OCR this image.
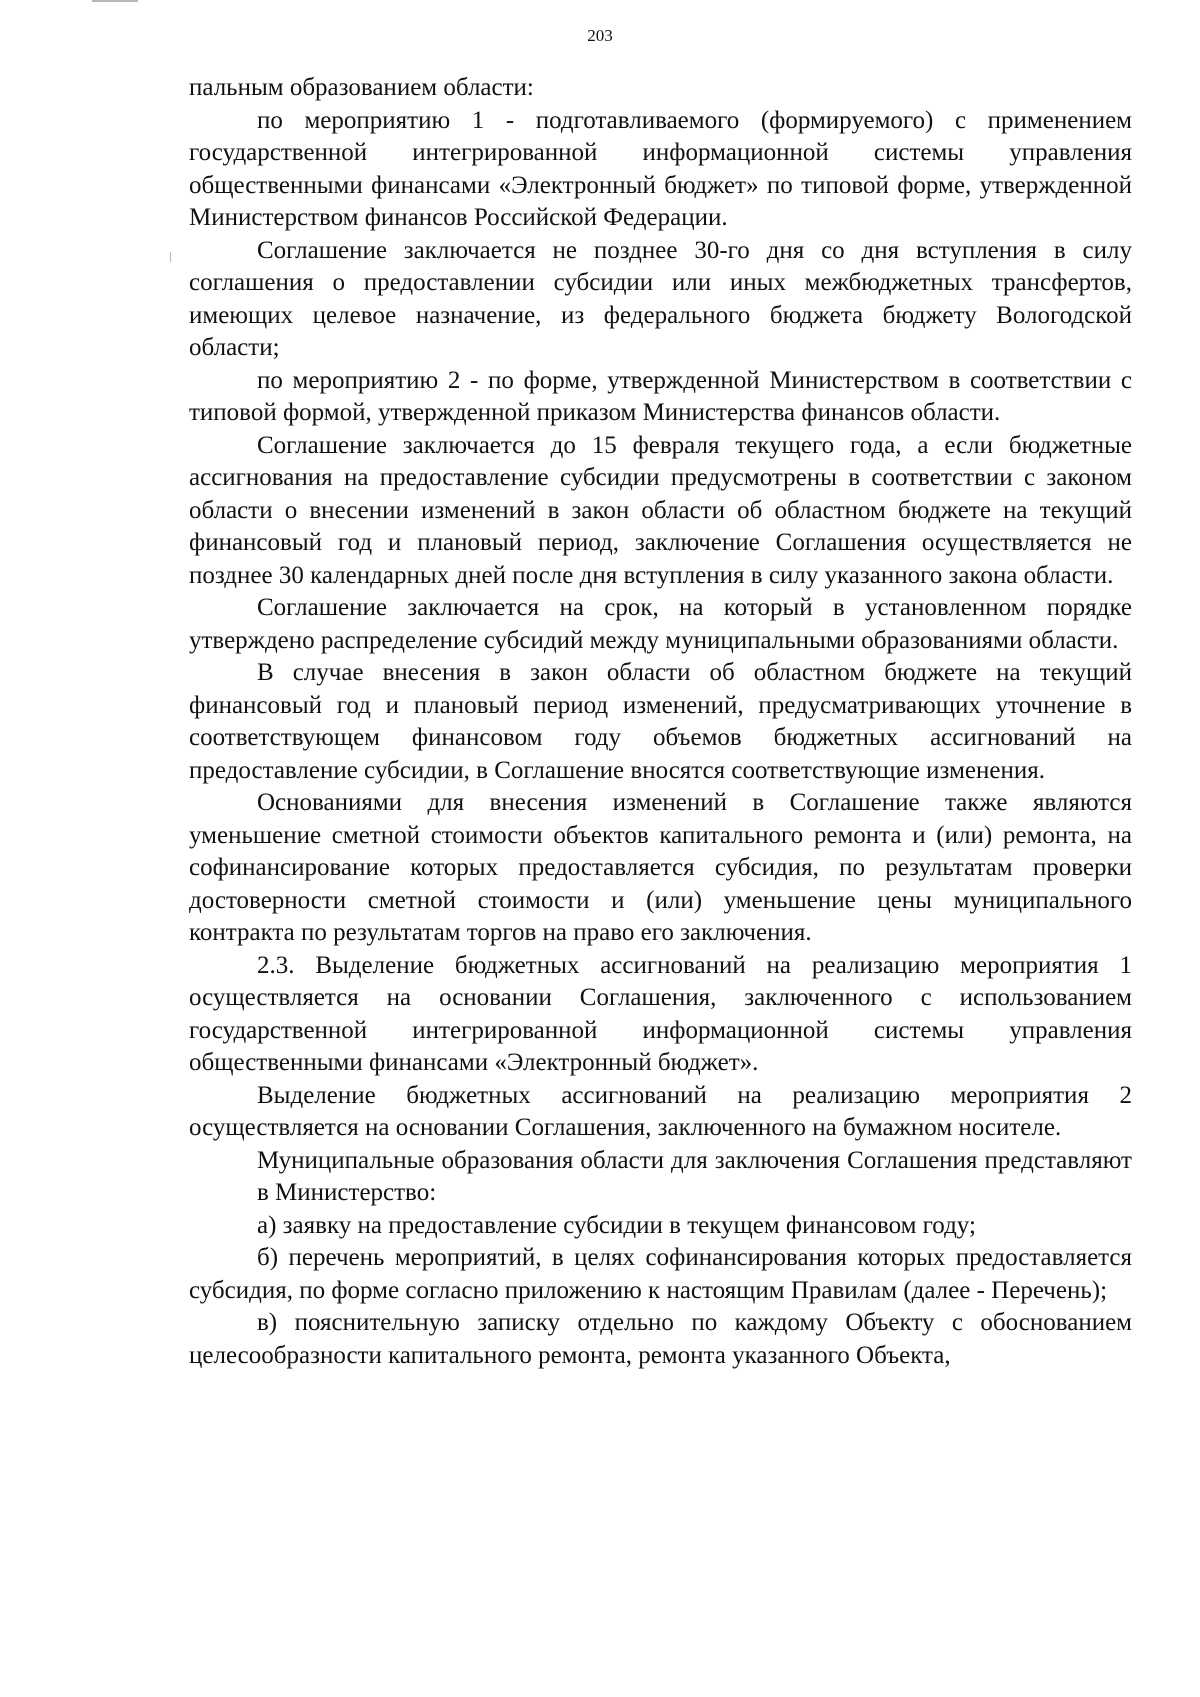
203

пальным образованием области:

по мероприятию 1 - подготавливаемого (формируемого) с применением государственной интегрированной информационной системы управления общественными финансами «Электронный бюджет» по типовой форме, утвержденной Министерством финансов Российской Федерации.

Соглашение заключается не позднее 30-го дня со дня вступления в силу соглашения о предоставлении субсидии или иных межбюджетных трансфертов, имеющих целевое назначение, из федерального бюджета бюджету Вологодской области;

по мероприятию 2 - по форме, утвержденной Министерством в соответствии с типовой формой, утвержденной приказом Министерства финансов области.

Соглашение заключается до 15 февраля текущего года, а если бюджетные ассигнования на предоставление субсидии предусмотрены в соответствии с законом области о внесении изменений в закон области об областном бюджете на текущий финансовый год и плановый период, заключение Соглашения осуществляется не позднее 30 календарных дней после дня вступления в силу указанного закона области.

Соглашение заключается на срок, на который в установленном порядке утверждено распределение субсидий между муниципальными образованиями области.

В случае внесения в закон области об областном бюджете на текущий финансовый год и плановый период изменений, предусматривающих уточнение в соответствующем финансовом году объемов бюджетных ассигнований на предоставление субсидии, в Соглашение вносятся соответствующие изменения.

Основаниями для внесения изменений в Соглашение также являются уменьшение сметной стоимости объектов капитального ремонта и (или) ремонта, на софинансирование которых предоставляется субсидия, по результатам проверки достоверности сметной стоимости и (или) уменьшение цены муниципального контракта по результатам торгов на право его заключения.

2.3. Выделение бюджетных ассигнований на реализацию мероприятия 1 осуществляется на основании Соглашения, заключенного с использованием государственной интегрированной информационной системы управления общественными финансами «Электронный бюджет».

Выделение бюджетных ассигнований на реализацию мероприятия 2 осуществляется на основании Соглашения, заключенного на бумажном носителе.

Муниципальные образования области для заключения Соглашения представляют в Министерство:

а) заявку на предоставление субсидии в текущем финансовом году;

б) перечень мероприятий, в целях софинансирования которых предоставляется субсидия, по форме согласно приложению к настоящим Правилам (далее - Перечень);

в) пояснительную записку отдельно по каждому Объекту с обоснованием целесообразности капитального ремонта, ремонта указанного Объекта,
